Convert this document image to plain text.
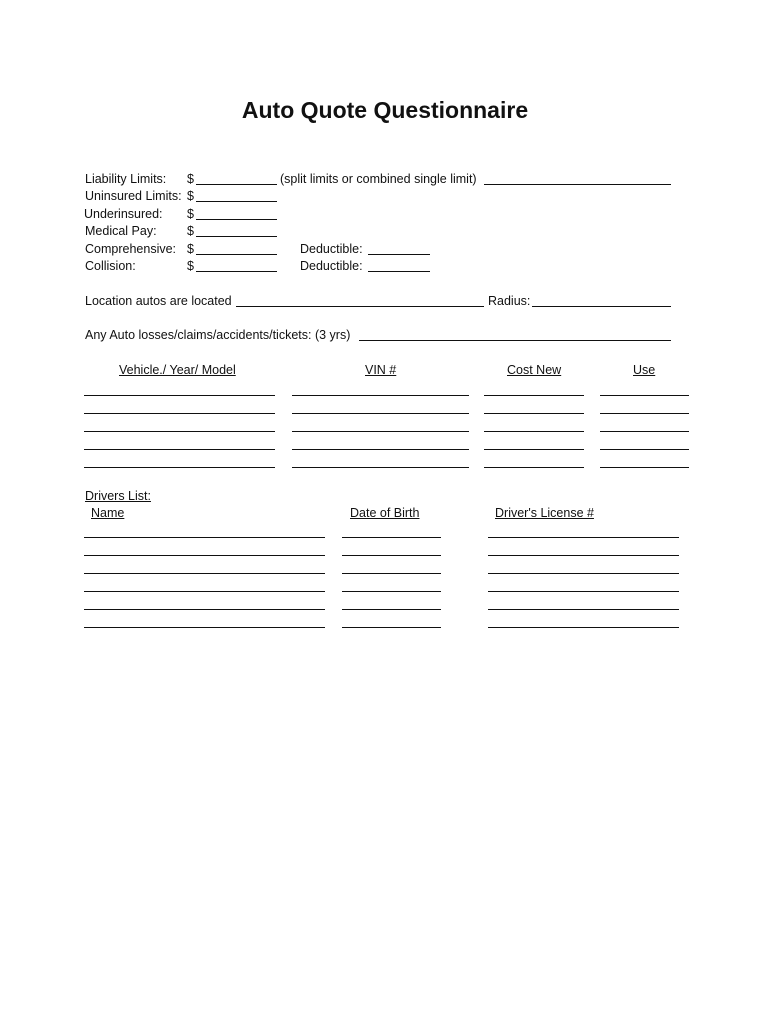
Auto Quote Questionnaire
Liability Limits: $	(split limits or combined single limit)
Uninsured Limits: $
Underinsured: $
Medical Pay: $
Comprehensive: $	Deductible:
Collision:	$	Deductible:
Location autos are located	Radius:
Any Auto losses/claims/accidents/tickets: (3 yrs)
Vehicle./ Year/ Model	VIN #	Cost New	Use
Drivers List:
Name	Date of Birth	Driver's License #
